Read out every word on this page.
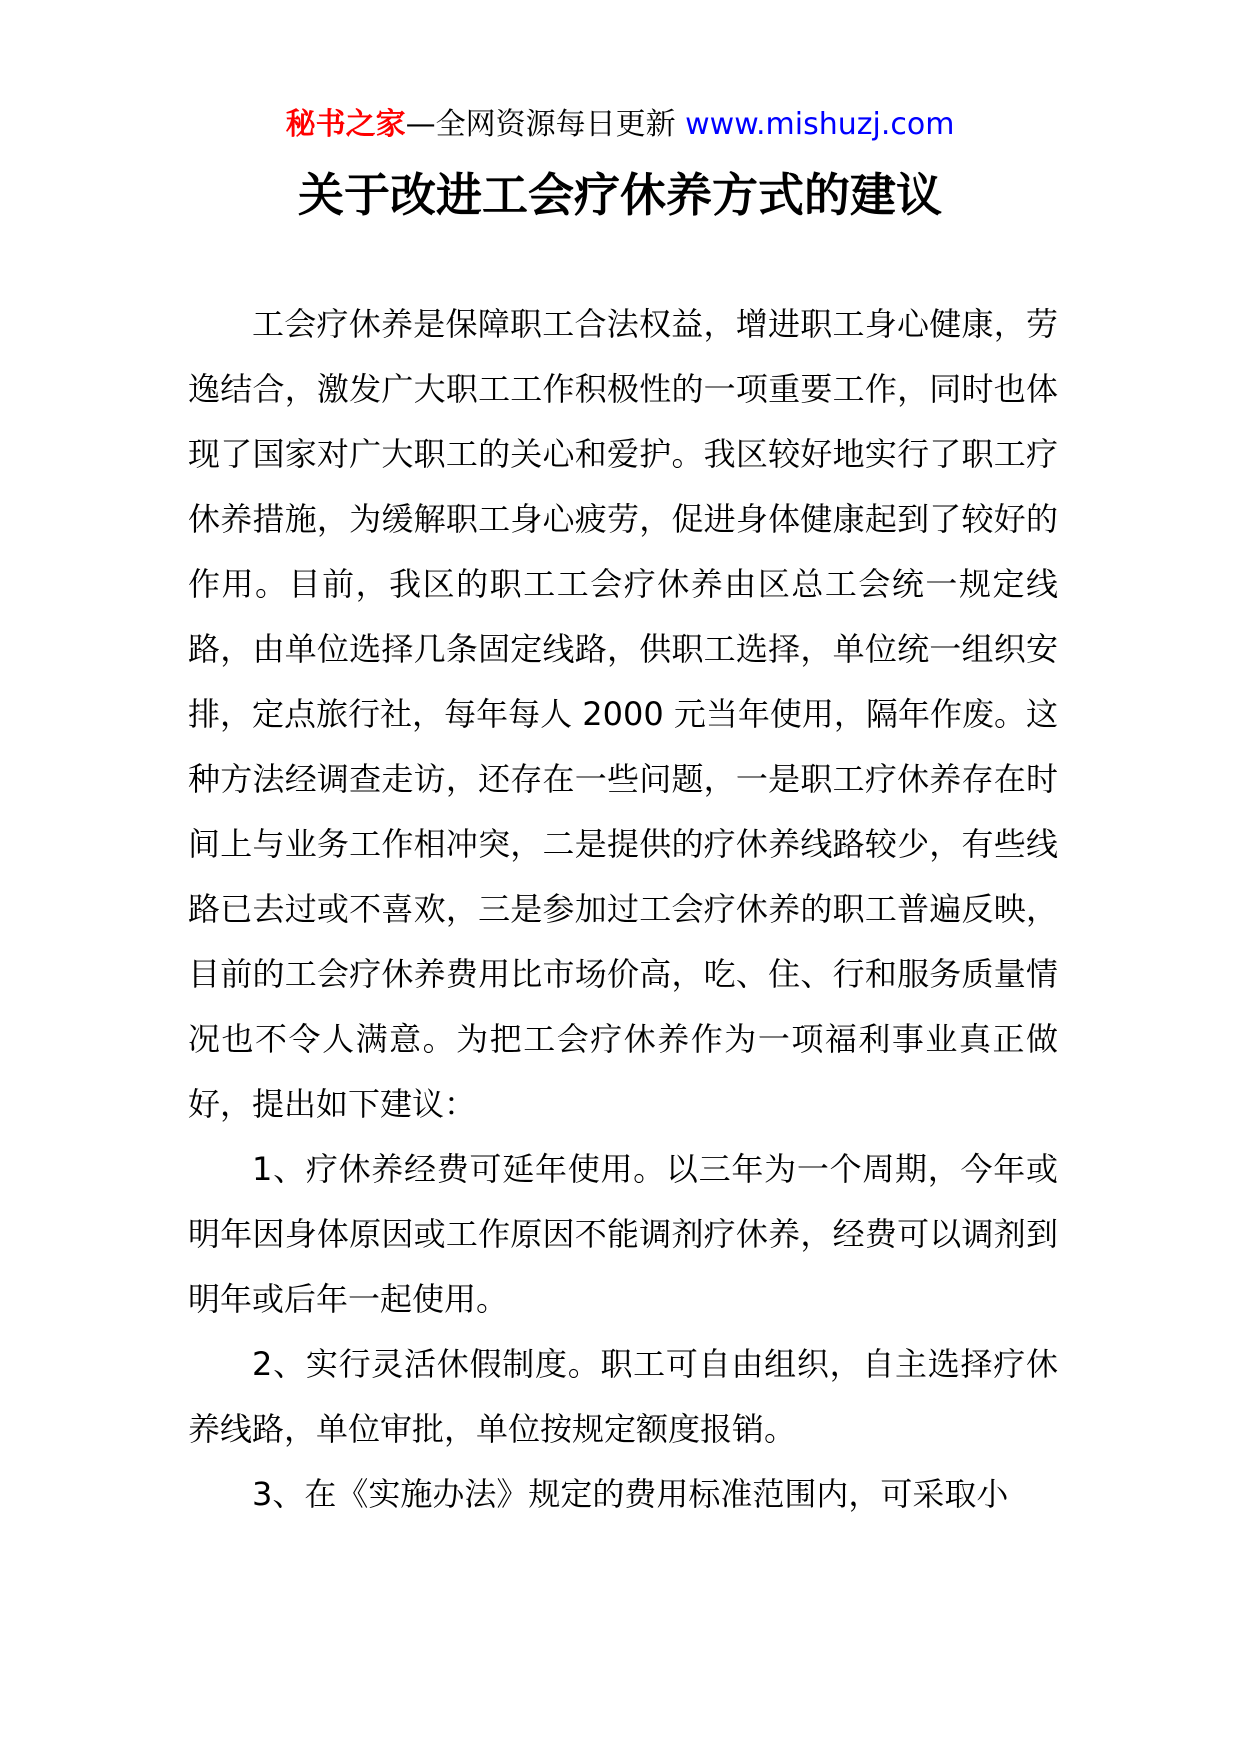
秘书之家—全网资源每日更新 www.mishuzj.com
关于改进工会疗休养方式的建议

工会疗休养是保障职工合法权益，增进职工身心健康，劳逸结合，激发广大职工工作积极性的一项重要工作，同时也体现了国家对广大职工的关心和爱护。我区较好地实行了职工疗休养措施，为缓解职工身心疲劳，促进身体健康起到了较好的作用。目前，我区的职工工会疗休养由区总工会统一规定线路，由单位选择几条固定线路，供职工选择，单位统一组织安排，定点旅行社，每年每人 2000 元当年使用，隔年作废。这种方法经调查走访，还存在一些问题，一是职工疗休养存在时间上与业务工作相冲突，二是提供的疗休养线路较少，有些线路已去过或不喜欢，三是参加过工会疗休养的职工普遍反映，目前的工会疗休养费用比市场价高，吃、住、行和服务质量情况也不令人满意。为把工会疗休养作为一项福利事业真正做好，提出如下建议：

1、疗休养经费可延年使用。以三年为一个周期，今年或明年因身体原因或工作原因不能调剂疗休养，经费可以调剂到明年或后年一起使用。

2、实行灵活休假制度。职工可自由组织，自主选择疗休养线路，单位审批，单位按规定额度报销。

3、在《实施办法》规定的费用标准范围内，可采取小
